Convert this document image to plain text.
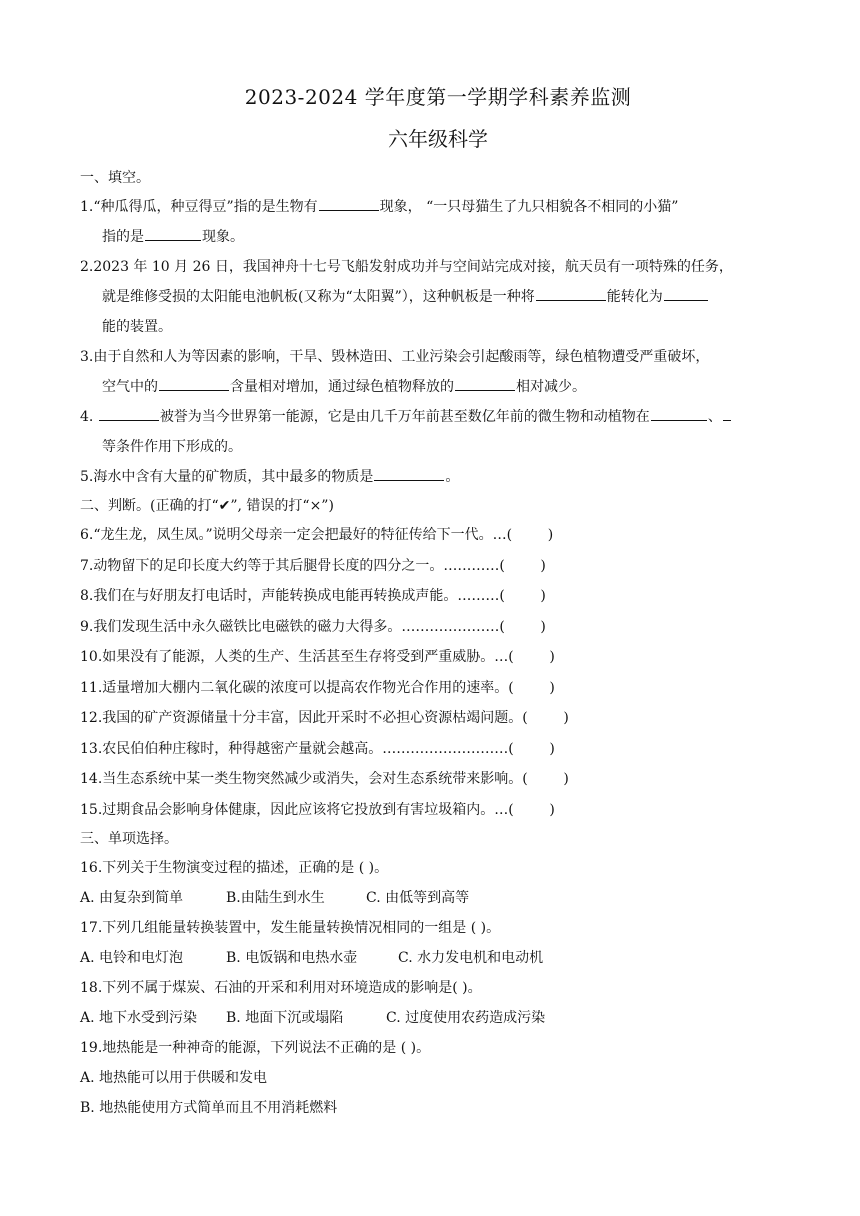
2023-2024 学年度第一学期学科素养监测

六年级科学

一、填空。

1.“种瓜得瓜，种豆得豆”指的是生物有	现象， “一只母猫生了九只相貌各不相同的小猫”
指的是	现象。
2.2023 年 10 月 26 日，我国神舟十七号飞船发射成功并与空间站完成对接，航天员有一项特殊的任务，
就是维修受损的太阳能电池帆板(又称为“太阳翼”），这种帆板是一种将	能转化为
能的装置。
3.由于自然和人为等因素的影响，干旱、毁林造田、工业污染会引起酸雨等，绿色植物遭受严重破坏，
空气中的	含量相对增加，通过绿色植物释放的	相对减少。
4.	被誉为当今世界第一能源，它是由几千万年前甚至数亿年前的微生物和动植物在	、
等条件作用下形成的。
5.海水中含有大量的矿物质，其中最多的物质是	。

二、判断。(正确的打“✔”, 错误的打“×”)

6.“龙生龙，凤生凤。”说明父母亲一定会把最好的特征传给下一代。…(        )
7.动物留下的足印长度大约等于其后腿骨长度的四分之一。…………(        )
8.我们在与好朋友打电话时，声能转换成电能再转换成声能。………(        )
9.我们发现生活中永久磁铁比电磁铁的磁力大得多。…………………(        )
10.如果没有了能源，人类的生产、生活甚至生存将受到严重威胁。…(        )
11.适量增加大棚内二氧化碳的浓度可以提高农作物光合作用的速率。(        )
12.我国的矿产资源储量十分丰富，因此开采时不必担心资源枯竭问题。(        )
13.农民伯伯种庄稼时，种得越密产量就会越高。………………………(        )
14.当生态系统中某一类生物突然减少或消失，会对生态系统带来影响。(        )
15.过期食品会影响身体健康，因此应该将它投放到有害垃圾箱内。…(        )

三、单项选择。

16.下列关于生物演变过程的描述，正确的是 ( )。
A. 由复杂到简单	B.由陆生到水生	C. 由低等到高等
17.下列几组能量转换装置中，发生能量转换情况相同的一组是 ( )。
A. 电铃和电灯泡	B. 电饭锅和电热水壶	C. 水力发电机和电动机
18.下列不属于煤炭、石油的开采和利用对环境造成的影响是( )。
A. 地下水受到污染 B. 地面下沉或塌陷	C. 过度使用农药造成污染
19.地热能是一种神奇的能源，下列说法不正确的是 ( )。
A. 地热能可以用于供暖和发电
B. 地热能使用方式简单而且不用消耗燃料
